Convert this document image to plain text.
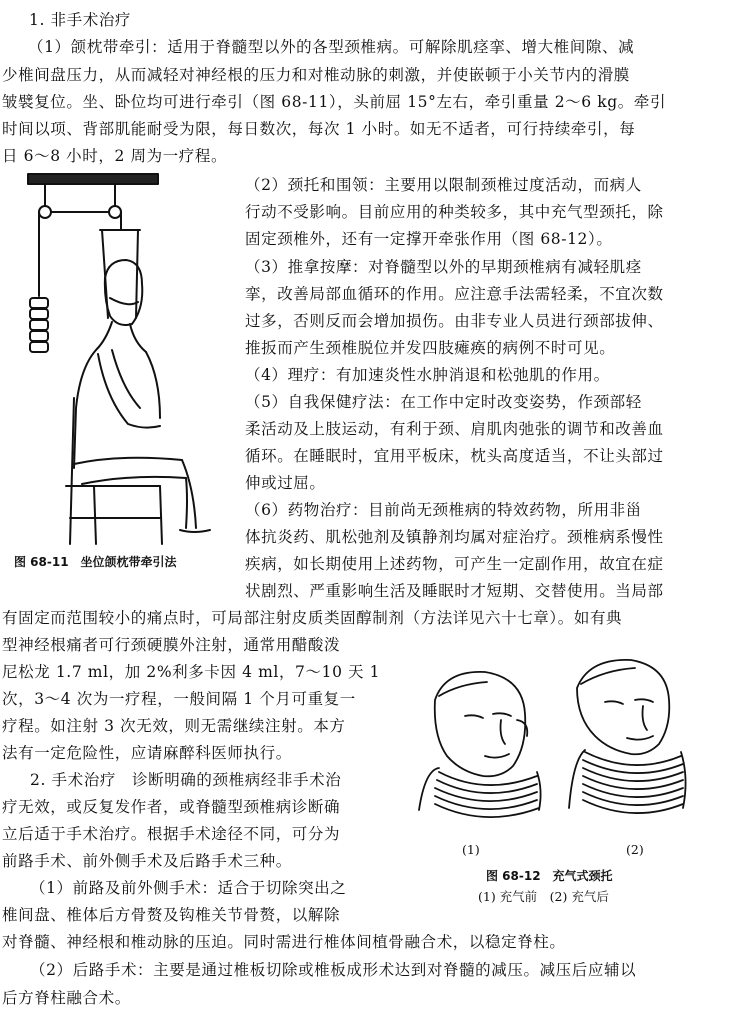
1. 非手术治疗
（1）颌枕带牵引：适用于脊髓型以外的各型颈椎病。可解除肌痉挛、增大椎间隙、减
少椎间盘压力，从而减轻对神经根的压力和对椎动脉的刺激，并使嵌顿于小关节内的滑膜
皱襞复位。坐、卧位均可进行牵引（图 68-11），头前屈 15°左右，牵引重量 2～6 kg。牵引
时间以项、背部肌能耐受为限，每日数次，每次 1 小时。如无不适者，可行持续牵引，每
日 6～8 小时，2 周为一疗程。
（2）颈托和围领：主要用以限制颈椎过度活动，而病人
行动不受影响。目前应用的种类较多，其中充气型颈托，除
固定颈椎外，还有一定撑开牵张作用（图 68-12）。
（3）推拿按摩：对脊髓型以外的早期颈椎病有减轻肌痉
挛，改善局部血循环的作用。应注意手法需轻柔，不宜次数
过多，否则反而会增加损伤。由非专业人员进行颈部拔伸、
推扳而产生颈椎脱位并发四肢瘫痪的病例不时可见。
（4）理疗：有加速炎性水肿消退和松弛肌的作用。
（5）自我保健疗法：在工作中定时改变姿势，作颈部轻
柔活动及上肢运动，有利于颈、肩肌肉弛张的调节和改善血
循环。在睡眠时，宜用平板床，枕头高度适当，不让头部过
伸或过屈。
（6）药物治疗：目前尚无颈椎病的特效药物，所用非甾
体抗炎药、肌松弛剂及镇静剂均属对症治疗。颈椎病系慢性
疾病，如长期使用上述药物，可产生一定副作用，故宜在症
状剧烈、严重影响生活及睡眠时才短期、交替使用。当局部
有固定而范围较小的痛点时，可局部注射皮质类固醇制剂（方法详见六十七章）。如有典
型神经根痛者可行颈硬膜外注射，通常用醋酸泼
尼松龙 1.7 ml，加 2%利多卡因 4 ml，7～10 天 1
次，3～4 次为一疗程，一般间隔 1 个月可重复一
疗程。如注射 3 次无效，则无需继续注射。本方
法有一定危险性，应请麻醉科医师执行。
2. 手术治疗　诊断明确的颈椎病经非手术治
疗无效，或反复发作者，或脊髓型颈椎病诊断确
立后适于手术治疗。根据手术途径不同，可分为
前路手术、前外侧手术及后路手术三种。
（1）前路及前外侧手术：适合于切除突出之
椎间盘、椎体后方骨赘及钩椎关节骨赘，以解除
对脊髓、神经根和椎动脉的压迫。同时需进行椎体间植骨融合术，以稳定脊柱。
（2）后路手术：主要是通过椎板切除或椎板成形术达到对脊髓的减压。减压后应辅以
后方脊柱融合术。
图 68-11　坐位颌枕带牵引法
(1)	(2)
图 68-12　充气式颈托
(1) 充气前　(2) 充气后
